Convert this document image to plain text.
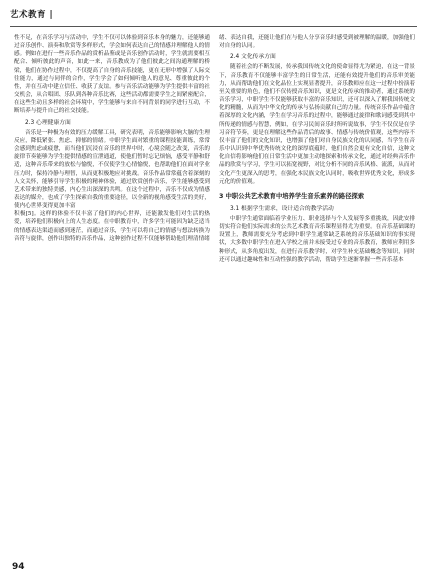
艺术教育 |

性不足，在音乐学习与活动中，学生不仅可以体验到音乐本身的魅力，还能够通过音乐创作、演奏和欣赏等多样形式，学会如何表达自己的情感并理解他人的情感。例如在进行一些音乐作品的赏析品鉴或是音乐创作活动时，学生就需要相互配合、倾听彼此的声音，如此一来，音乐教成为了他们彼此之间沟通理解的桥梁，他们在协作过程中，不仅提高了自身的音乐技能，更在无形中增强了人际交往能力，通过与同伴的合作，学生学会了如何倾听他人的意见、尊重彼此的个性，并在互动中建立信任、收获了友谊。参与音乐活动能够为学生提供丰富的社交机会，从合唱团、乐队到各种音乐比赛，这些活动都需要学生之间紧密配合，在这些生动且多样的社会环境中，学生能够与来自不同背景的同学进行互动，不断培养与提升自己的社交技能。

2.3 心理健康方面

音乐是一种极为有效的压力缓解工具，研究表明，音乐能够影响大脑的生理反应，降低紧张、焦虑、抑郁的情绪。中职学生面对繁重的课程技能训练，常常会感到焦虑或疲惫，而当他们沉浸在音乐的世界中时，心境会随之改变，音乐的旋律节奏能够为学生提供情感的宣泄通道，使他们暂时忘记烦恼，感受平静和舒适，这种音乐带来的放松与愉悦，不仅使学生心情愉悦，也帮助他们在面对学业压力时，保持冷静与理智，从而更积极地应对挑战。音乐作品常常蕴含着深刻的人文关怀，能够引导学生积极的精神体验，通过欣赏创作音乐，学生能够感受到艺术带来的独特美感，内心生出深深的共鸣。在这个过程中，音乐不仅成为情感表达的媒介，也成了学生探索自我的重要途径，以全新的视角感受生活的美好，使内心世界变得更加丰富

积极[5]。这样的体验不仅丰富了他们的内心世界，还能激发他们对生活的热爱，培养他们积极向上的人生态度。在中职教育中，许多学生可能因为缺乏适当的情感表达渠道而感到迷茫，而通过音乐，学生可以将自己的情感与想法转换为音符与旋律，创作出独特的音乐作品，这种创作过程不仅能够帮助他们理清情绪

绪、表达自我，还能让他们在与他人分享音乐时感受到被理解的温暖，加强他们对自身的认同。

2.4 文化传承方面

随着社会的不断发展，传承我国传统文化的使命显得尤为紧迫，在这一背景下，音乐教育不仅能够丰富学生的日常生活，还能有效提升他们的音乐审美能力，从而帮助他们在文化品位上实现显著提升，音乐教师应在这一过程中扮演着至关重要的角色，他们不仅传授音乐知识，更是文化传承的推动者，通过系统的音乐学习，中职学生不仅能够获取丰富的音乐知识，还可以深入了解我国传统文化的精髓，从而为中华文化的传承与弘扬贡献自己的力量。传统音乐作品中蕴含着深厚的文化内涵，学生在学习音乐的过程中，能够通过旋律和歌词感受到其中所传递的情感与智慧，例如，在学习民间音乐时所听说故事，学生不仅仅是在学习音符节奏，更是在理解这些作品背后的故事、情感与传统价值观，这些内容不仅丰富了他们的文化知识，也增强了他们对自身民族文化的认同感，当学生在音乐中认识到中华优秀传统文化的深厚底蕴时，他们自然会更有文化自信，这种文化自信将影响他们在日常生活中更加主动地探索和传承文化，通过对经典音乐作品的欣赏与学习，学生可以拓宽视野，对比分析不同的音乐风格、流派，从而对文化产生更深入的思考，在强化本民族文化认同时，吸收世界优秀文化，形成多元化的价值观。

3 中职公共艺术教育中培养学生音乐素养的路径探索
3.1 根据学生需求，设计适合的教学活动

中职学生通常面临着学业压力、职业选择与个人发展等多重挑战，因此安排切实符合他们实际需求的公共艺术教育音乐课程显得尤为重要。在音乐基础课的设置上，教师需要充分考虑到中职学生通常缺乏系统的音乐基础知识的事实现状，大多数中职学生在进入学校之前并未接受过专业的音乐教育，教师应利用多种形式，从多角度出发，在进行音乐教学时，对学生补充基础概念等知识，同时还可以通过趣味性和互动性强的教学活动，帮助学生逐渐掌握一些音乐基本

94
